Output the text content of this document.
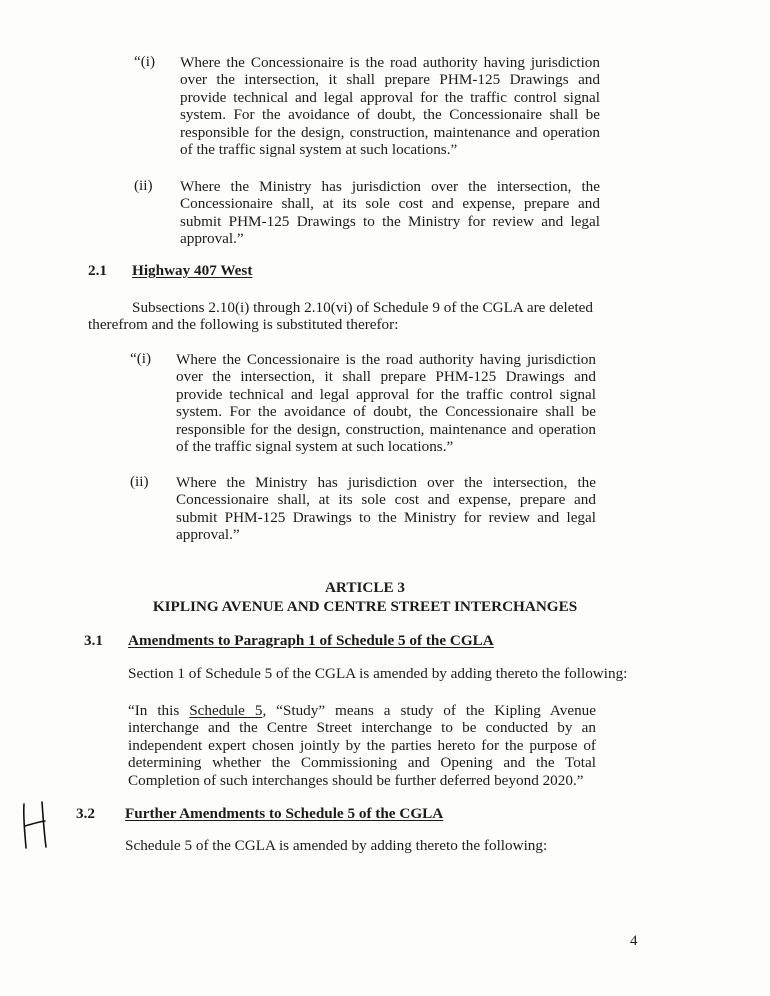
“(i) Where the Concessionaire is the road authority having jurisdiction over the intersection, it shall prepare PHM-125 Drawings and provide technical and legal approval for the traffic control signal system. For the avoidance of doubt, the Concessionaire shall be responsible for the design, construction, maintenance and operation of the traffic signal system at such locations.”
(ii) Where the Ministry has jurisdiction over the intersection, the Concessionaire shall, at its sole cost and expense, prepare and submit PHM-125 Drawings to the Ministry for review and legal approval.”
2.1 Highway 407 West
Subsections 2.10(i) through 2.10(vi) of Schedule 9 of the CGLA are deleted
therefrom and the following is substituted therefor:
“(i) Where the Concessionaire is the road authority having jurisdiction over the intersection, it shall prepare PHM-125 Drawings and provide technical and legal approval for the traffic control signal system. For the avoidance of doubt, the Concessionaire shall be responsible for the design, construction, maintenance and operation of the traffic signal system at such locations.”
(ii) Where the Ministry has jurisdiction over the intersection, the Concessionaire shall, at its sole cost and expense, prepare and submit PHM-125 Drawings to the Ministry for review and legal approval.”
ARTICLE 3
KIPLING AVENUE AND CENTRE STREET INTERCHANGES
3.1 Amendments to Paragraph 1 of Schedule 5 of the CGLA
Section 1 of Schedule 5 of the CGLA is amended by adding thereto the following:
“In this Schedule 5, “Study” means a study of the Kipling Avenue interchange and the Centre Street interchange to be conducted by an independent expert chosen jointly by the parties hereto for the purpose of determining whether the Commissioning and Opening and the Total Completion of such interchanges should be further deferred beyond 2020.”
3.2 Further Amendments to Schedule 5 of the CGLA
Schedule 5 of the CGLA is amended by adding thereto the following:
4
